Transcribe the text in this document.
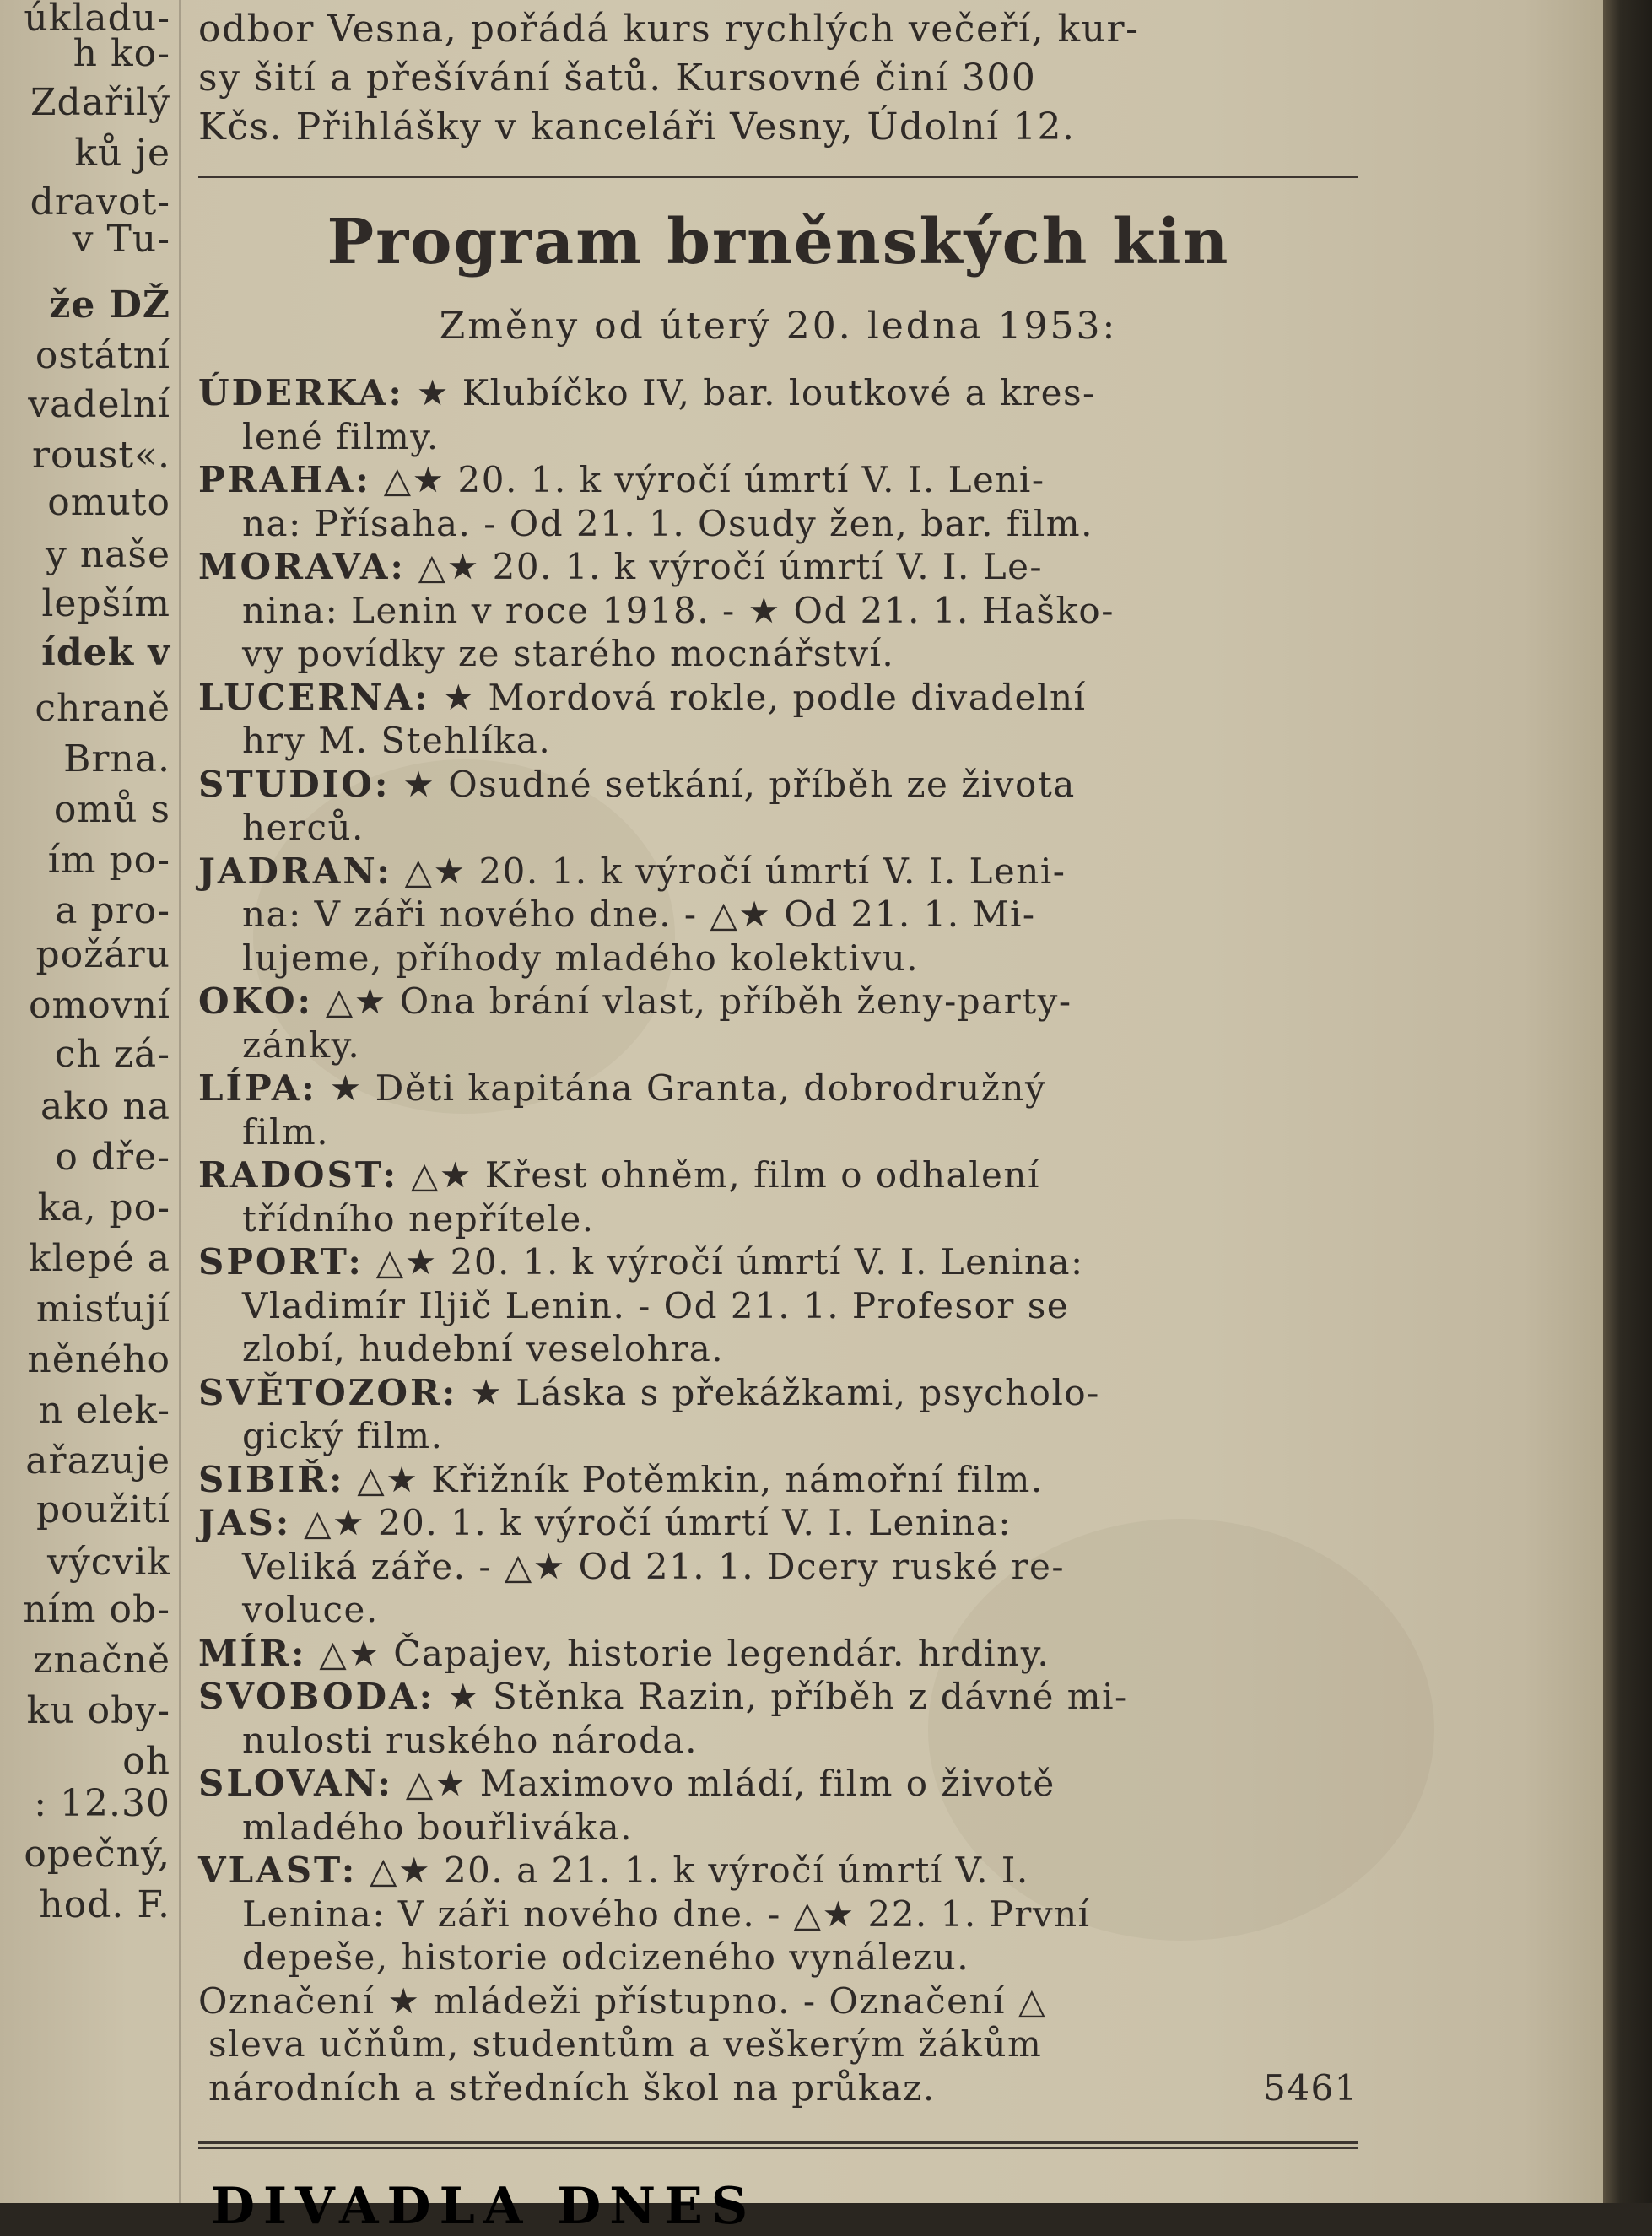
úkladu-
h ko-
Zdařilý
ků je
dravot-
v Tu-
že DŽ
ostátní
vadelní
roust«.
omuto
y naše
lepším
ídek v
chraně
Brna.
omů s
ím po-
a pro-
požáru
omovní
ch zá-
ako na
o dře-
ka, po-
klepé a
misťují
něného
n elek-
ařazuje
použití
výcvik
ním ob-
značně
ku oby-
oh
: 12.30
opečný,
hod. F.
odbor Vesna, pořádá kurs rychlých večeří, kur-
sy šití a přešívání šatů. Kursovné činí 300
Kčs. Přihlášky v kanceláři Vesny, Údolní 12.
Program brněnských kin
Změny od úterý 20. ledna 1953:
ÚDERKA: ★ Klubíčko IV, bar. loutkové a kres-
lené filmy.
PRAHA: △★ 20. 1. k výročí úmrtí V. I. Leni-
na: Přísaha. - Od 21. 1. Osudy žen, bar. film.
MORAVA: △★ 20. 1. k výročí úmrtí V. I. Le-
nina: Lenin v roce 1918. - ★ Od 21. 1. Haško-
vy povídky ze starého mocnářství.
LUCERNA: ★ Mordová rokle, podle divadelní
hry M. Stehlíka.
STUDIO: ★ Osudné setkání, příběh ze života
herců.
JADRAN: △★ 20. 1. k výročí úmrtí V. I. Leni-
na: V záři nového dne. - △★ Od 21. 1. Mi-
lujeme, příhody mladého kolektivu.
OKO: △★ Ona brání vlast, příběh ženy-party-
zánky.
LÍPA: ★ Děti kapitána Granta, dobrodružný
film.
RADOST: △★ Křest ohněm, film o odhalení
třídního nepřítele.
SPORT: △★ 20. 1. k výročí úmrtí V. I. Lenina:
Vladimír Iljič Lenin. - Od 21. 1. Profesor se
zlobí, hudební veselohra.
SVĚTOZOR: ★ Láska s překážkami, psycholo-
gický film.
SIBIŘ: △★ Křižník Potěmkin, námořní film.
JAS: △★ 20. 1. k výročí úmrtí V. I. Lenina:
Veliká záře. - △★ Od 21. 1. Dcery ruské re-
voluce.
MÍR: △★ Čapajev, historie legendár. hrdiny.
SVOBODA: ★ Stěnka Razin, příběh z dávné mi-
nulosti ruského národa.
SLOVAN: △★ Maximovo mládí, film o životě
mladého bouřliváka.
VLAST: △★ 20. a 21. 1. k výročí úmrtí V. I.
Lenina: V záři nového dne. - △★ 22. 1. První
depeše, historie odcizeného vynálezu.
Označení ★ mládeži přístupno. - Označení △
sleva učňům, studentům a veškerým žákům
národních a středních škol na průkaz.	5461
DIVADLA DNES
